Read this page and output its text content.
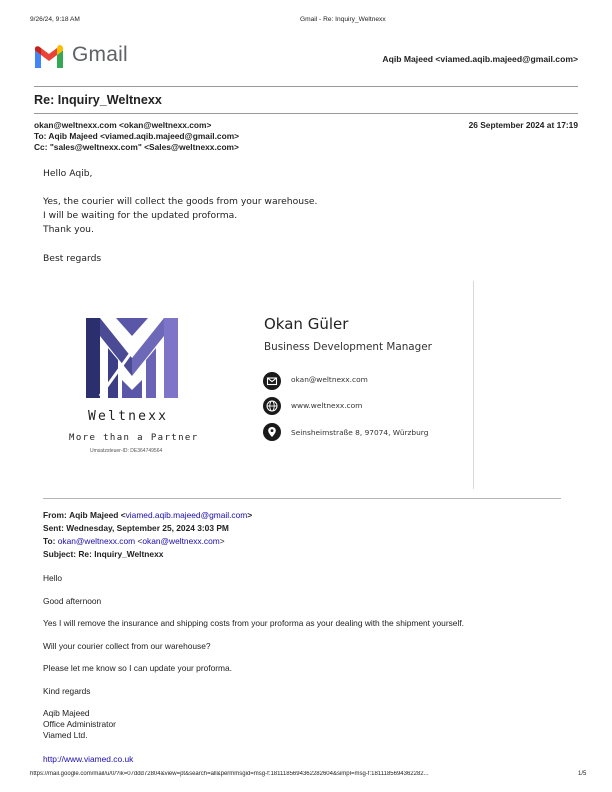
9/26/24, 9:18 AM	Gmail - Re: Inquiry_Weltnexx
Gmail	Aqib Majeed <viamed.aqib.majeed@gmail.com>
Re: Inquiry_Weltnexx
okan@weltnexx.com <okan@weltnexx.com>	26 September 2024 at 17:19
To: Aqib Majeed <viamed.aqib.majeed@gmail.com>
Cc: "sales@weltnexx.com" <Sales@weltnexx.com>
Hello Aqib,
Yes, the courier will collect the goods from your warehouse.
I will be waiting for the updated proforma.
Thank you.
Best regards
Weltnexx
More than a Partner
Umsatzsteuer-ID: DE364749564
Okan Güler
Business Development Manager
okan@weltnexx.com
www.weltnexx.com
Seinsheimstraße 8, 97074, Würzburg
From: Aqib Majeed <viamed.aqib.majeed@gmail.com>
Sent: Wednesday, September 25, 2024 3:03 PM
To: okan@weltnexx.com <okan@weltnexx.com>
Subject: Re: Inquiry_Weltnexx
Hello
Good afternoon
Yes I will remove the insurance and shipping costs from your proforma as your dealing with the shipment yourself.
Will your courier collect from our warehouse?
Please let me know so I can update your proforma.
Kind regards
Aqib Majeed
Office Administrator
Viamed Ltd.
http://www.viamed.co.uk
https://mail.google.com/mail/u/0/?ik=07ddd72804&view=pt&search=all&permmsgid=msg-f:1811185694362282604&simpl=msg-f:1811185694362282...	1/5
